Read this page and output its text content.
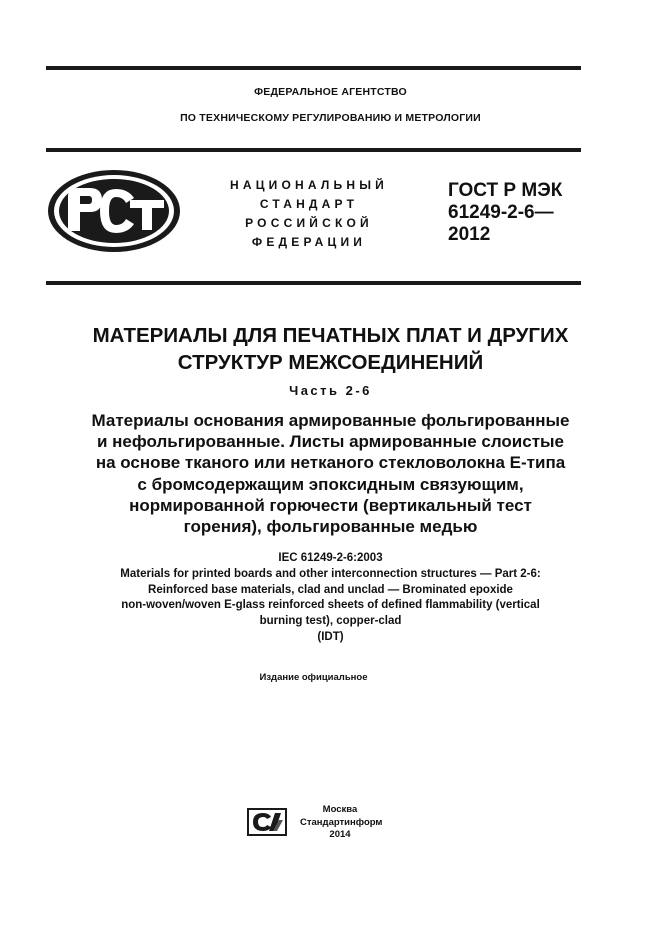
ФЕДЕРАЛЬНОЕ АГЕНТСТВО
ПО ТЕХНИЧЕСКОМУ РЕГУЛИРОВАНИЮ И МЕТРОЛОГИИ
НАЦИОНАЛЬНЫЙ
СТАНДАРТ
РОССИЙСКОЙ
ФЕДЕРАЦИИ
ГОСТ Р МЭК
61249-2-6—
2012
МАТЕРИАЛЫ ДЛЯ ПЕЧАТНЫХ ПЛАТ И ДРУГИХ
СТРУКТУР МЕЖСОЕДИНЕНИЙ
Часть 2-6
Материалы основания армированные фольгированные
и нефольгированные. Листы армированные слоистые
на основе тканого или нетканого стекловолокна Е-типа
с бромсодержащим эпоксидным связующим,
нормированной горючести (вертикальный тест
горения), фольгированные медью
IEC 61249-2-6:2003
Materials for printed boards and other interconnection structures — Part 2-6:
Reinforced base materials, clad and unclad — Brominated epoxide
non-woven/woven E-glass reinforced sheets of defined flammability (vertical
burning test), copper-clad
(IDT)
Издание официальное
Москва
Стандартинформ
2014
